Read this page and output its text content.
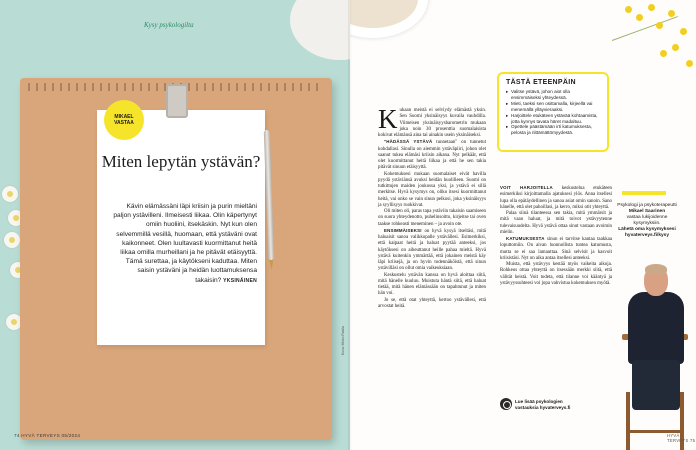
Kysy psykologilta
Miten lepytän ystävän?
Kävin elämässäni läpi kriisin ja purin mieltäni paljon ystävilleni. Ilmeisesti liikaa. Olin käpertynyt omiin huoliini, itsekäskin. Nyt kun olen selvemmillä vesillä, huomaan, että ystäväni ovat kaikonneet. Olen luultavasti kuormittanut heitä liikaa omilla murheillani ja he pitävät etäisyyttä. Tämä surettaa, ja käytökseni kaduttaa. Miten saisin ystäväni ja heidän luottamuksensa takaisin? YKSINÄINEN
MIKAEL VASTAA
74 HYVÄ TERVEYS 05/2024
Kuva: Mikko Rasila
TÄSTÄ ETEENPÄIN
▸ Valitse ystävä, johon aiot olla ensimmäiseksi yhteydessä.
▸ Mieti, taeksi sen osittamalla, kirjeellä vai menemällä ylläyvieraaksi.
▸ Harjoittele etukäteen ystävää kohtaamista, jotta kynnys tavata häret madaltuu.
▸ Opettele päästämään irti katumuksesta, pelosta ja riittämättömyydestä.

K ukaan meistä ei selviydy elämästä yksin. Sen Suomi yksinäisyys kuvaila vauhdilla. Viimeisen yksinäisyysbarometrin mukaan joka noin 30 prosenttia suomalaisista kokivat elämänsä aina tai ainakin usein yksinäiseksi.

"HÄDÄSSÄ YSTÄVÄ tunnetaan" on tunnetut kohdallasi. Sinulla on aiemmin ystäväpiiri, johon olet saanut tukea elämäsi kriisin aikana. Nyt pelkäät, että olet kuormittanut heitä liikaa ja että he sen takia pitävät sinuun etäisyyttä.

Kokemuksesi mukaan suomalaiset eivät havilla pyydä ystäviänsä avuksi heidän huolilleen. Suomi on tutkittujen maiden joukossa yksi, ja ystävä ei sillä merkitse. Hyvä kysymys on, oliko itsesi kuormittanut heitä, vai onko se vain sinun pelkosi, joka yksinäisyys ja syyllisyys ruokkivat.

Oli miten oli, paras tapa ystäviin takaisin saamiseen on suora yhteydenotto, puhelinsoitto, kirjeitse tai oven taakse rohkeasti meneminen – ja avoin ote.

ENSIMMÄISEKSI on hyvä kysyä itseltäsi, mitä haluaisit sanoa valikkopalle ystävällesi. Esimerkiksi, että kaipaat heitä ja haluat pyytää anteeksi, jos käytöksesi on aiheuttanut heille pahaa mieltä. Hyvä ystävä kuitenkin ymmärtää, että jokainen meistä käy läpi kriisejä, ja on hyvin todennäköistä, että sinun ystävilläsi on ollut omia vaikeuksiaan.

Keskustelu ystävän kanssa on hyvä aloittaa siitä, mitä hänelle kuuluu. Muistuta häntä siitä, että haluat tietää, mitä hänen elämässään on tapahtunut ja miten hän voi.

Jo se, että otat yhteyttä, kertoo ystävällesi, että arvostat heitä.

VOIT HARJOITELLA keskustelua etukäteen esimerkiksi kirjoittamalla ajatuksesi ylös. Anna itsellesi lupa olla epätäydellinen ja sanoa asiat omin sanoin. Sano hänelle, että olet pahoillasi, ja kerro, miksi otit yhteyttä.

Palaa siinä tilanteessa sen takia, mitä ymmärsit ja mitä vaan haluat, ja mitä toivot ystävyytenne tulevaisuudelta. Hyvä ystävä ottaa sinut vastaan avoimin mielin.

KATUMUKSESTA sinun ei tarvitse kantaa taakkaa loputtomiin. On aivan luonnollista tuntea katumusta, mutta se ei saa lamauttaa. Sinä selvisit ja kasvoit kriisistäsi. Nyt on aika antaa itsellesi anteeksi.

Muista, että ystävyys kestää myös vaikeita aikoja. Rohkeus ottaa yhteyttä on itsessään merkki siitä, että välität heistä. Voit todeta, että tilanne voi kääntyä ja ystävyyssuhteesi voi jopa vahvistua kokemuksen myötä.

Psykologi ja psykoterapeutti
Mikael Saarinen
vastaa lukijoidenne kysymyksiin.
Lähetä oma kysymyksesi hyvaterveys.fi/kysy
Lue lisää psykologien
vastauksia hyvaterveys.fi
HYVÄ TERVEYS 75
